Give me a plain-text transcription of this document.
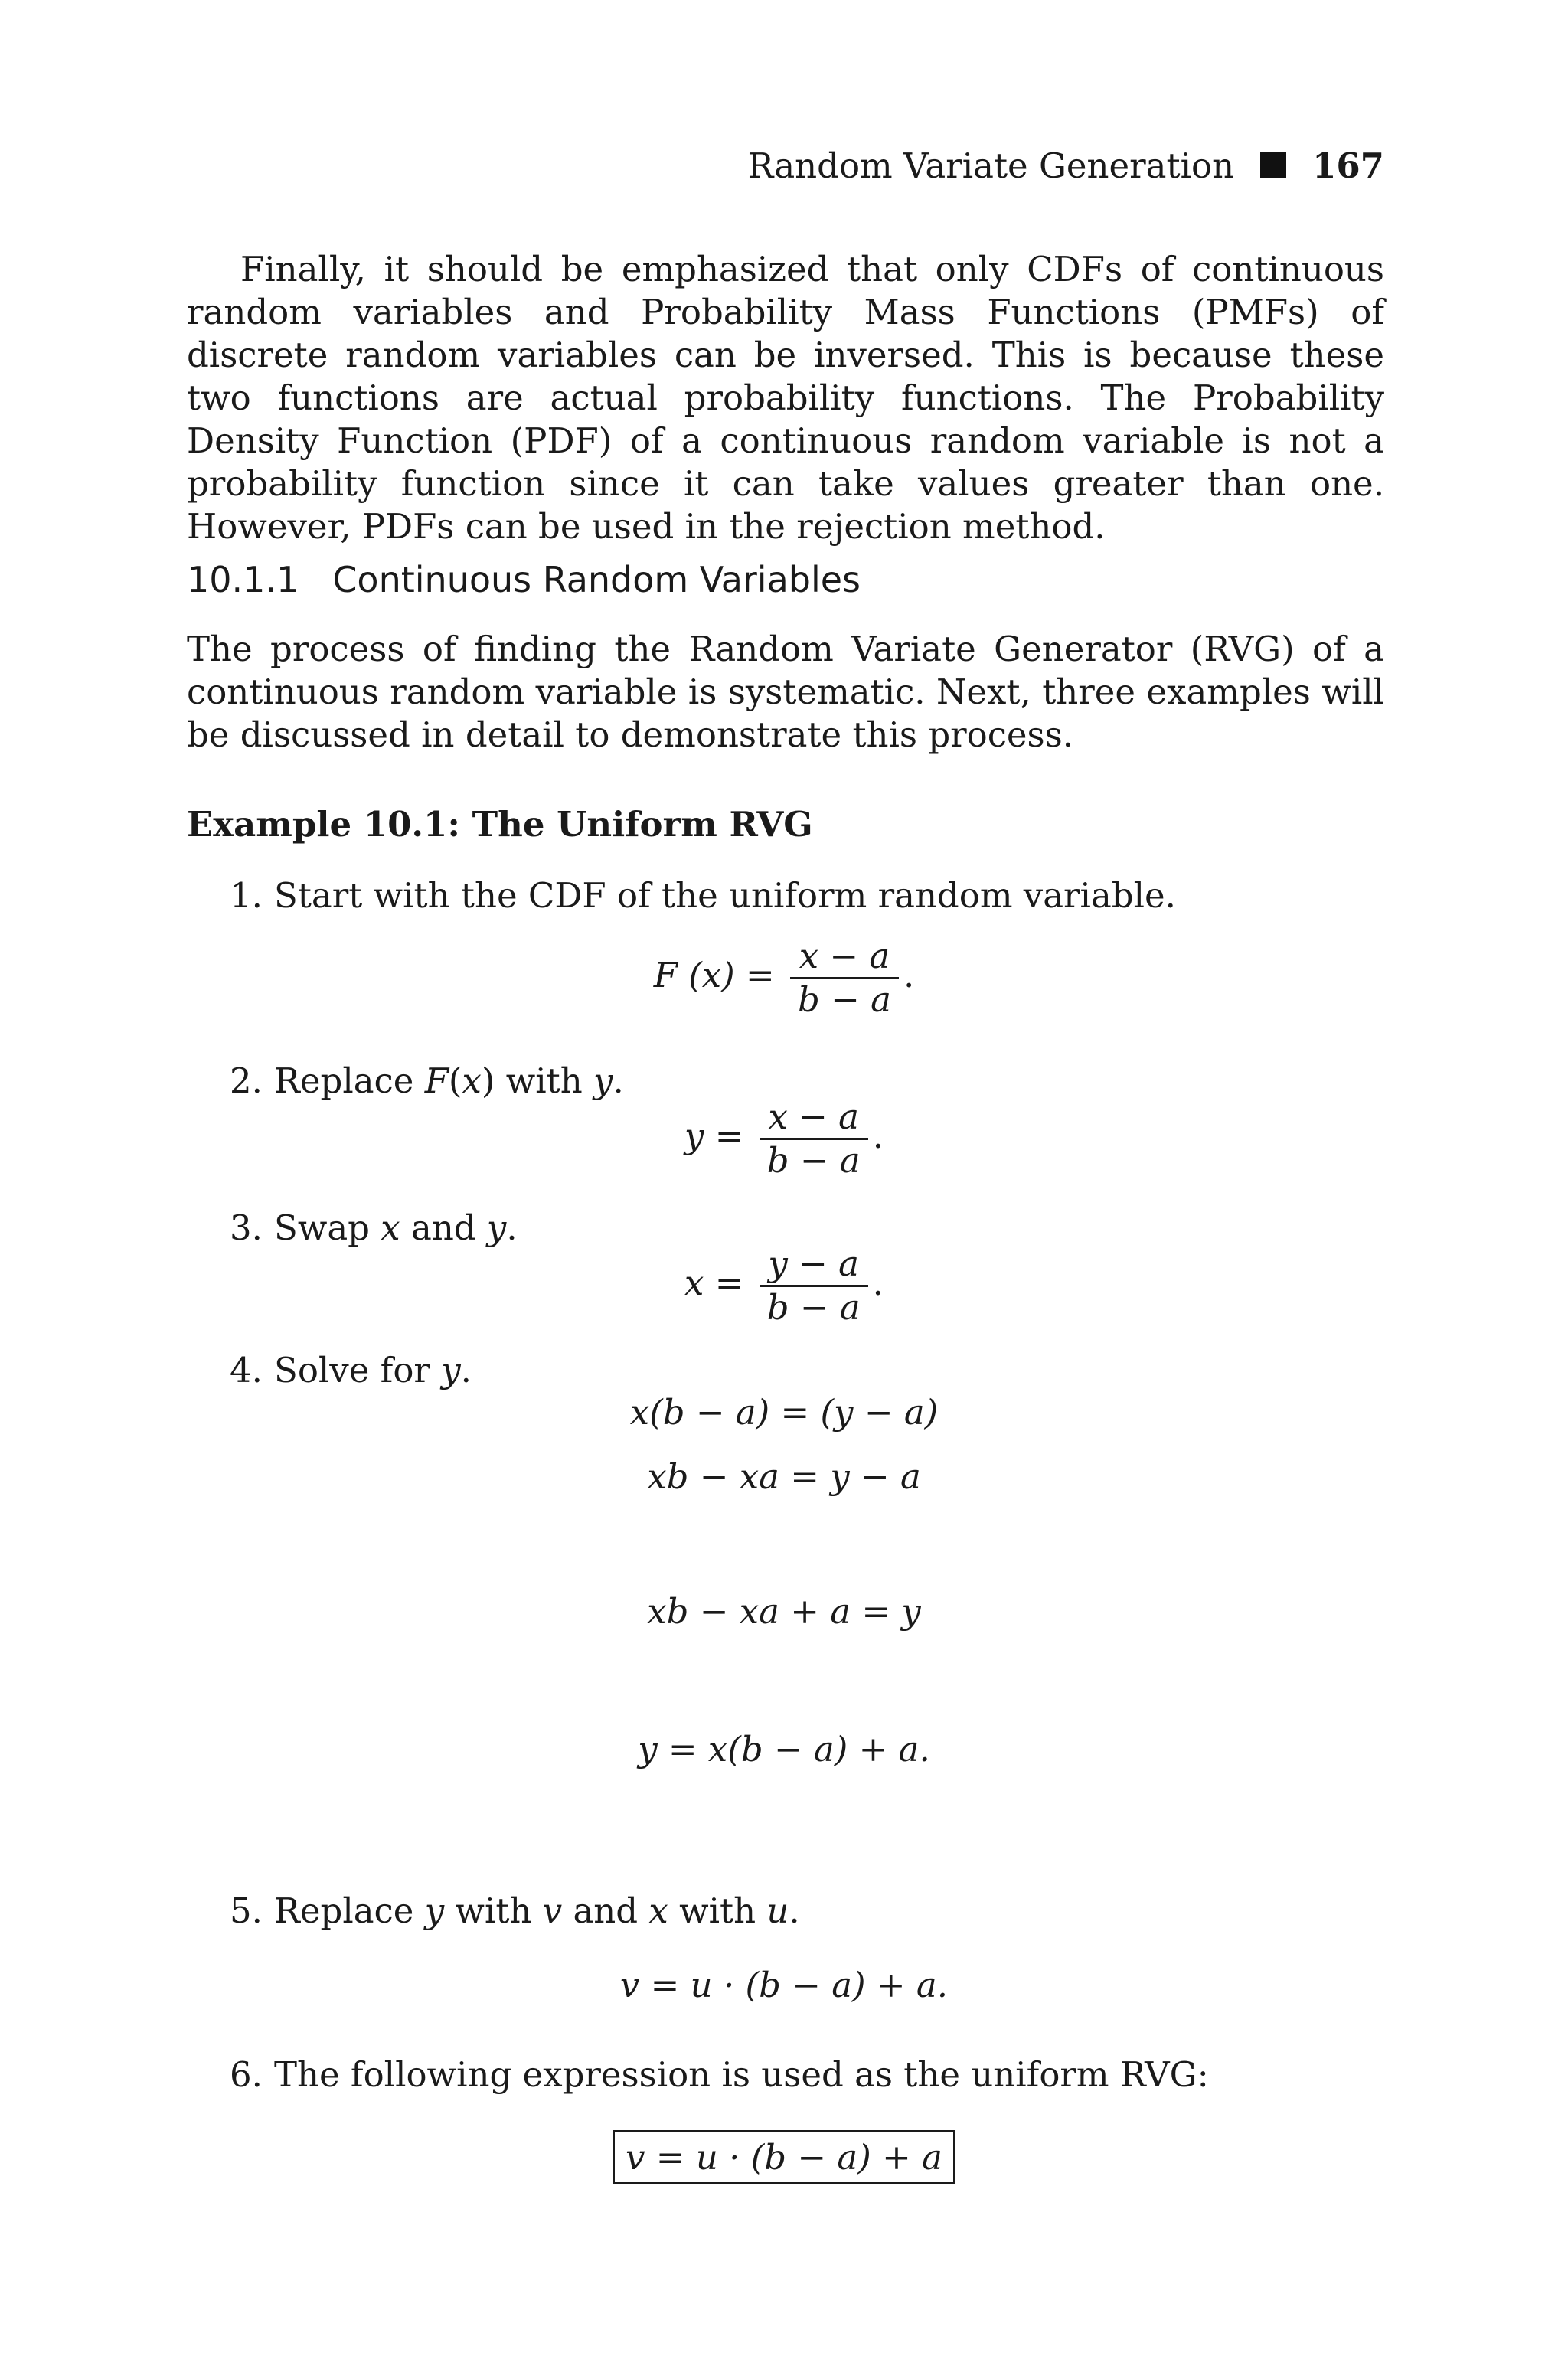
Random Variate Generation 167

Finally, it should be emphasized that only CDFs of continuous random variables and Probability Mass Functions (PMFs) of discrete random variables can be inversed. This is because these two functions are actual probability functions. The Probability Density Function (PDF) of a continuous random variable is not a probability function since it can take values greater than one. However, PDFs can be used in the rejection method.

10.1.1 Continuous Random Variables

The process of finding the Random Variate Generator (RVG) of a continuous random variable is systematic. Next, three examples will be discussed in detail to demonstrate this process.

Example 10.1: The Uniform RVG
1. Start with the CDF of the uniform random variable.
F $(x) = \frac{x - a}{b - a}$ .
2. Replace F(x) with y.
$y = \frac{x - a}{b - a}$ .
3. Swap x and y.
$x = \frac{y - a}{b - a}$ .
4. Solve for y.
x(b − a) = (y − a)
xb − xa = y − a
xb − xa + a = y
y = x(b − a) + a.
5. Replace y with v and x with u.
v = u · (b − a) + a.
6. The following expression is used as the uniform RVG:
v = u · (b − a) + a
